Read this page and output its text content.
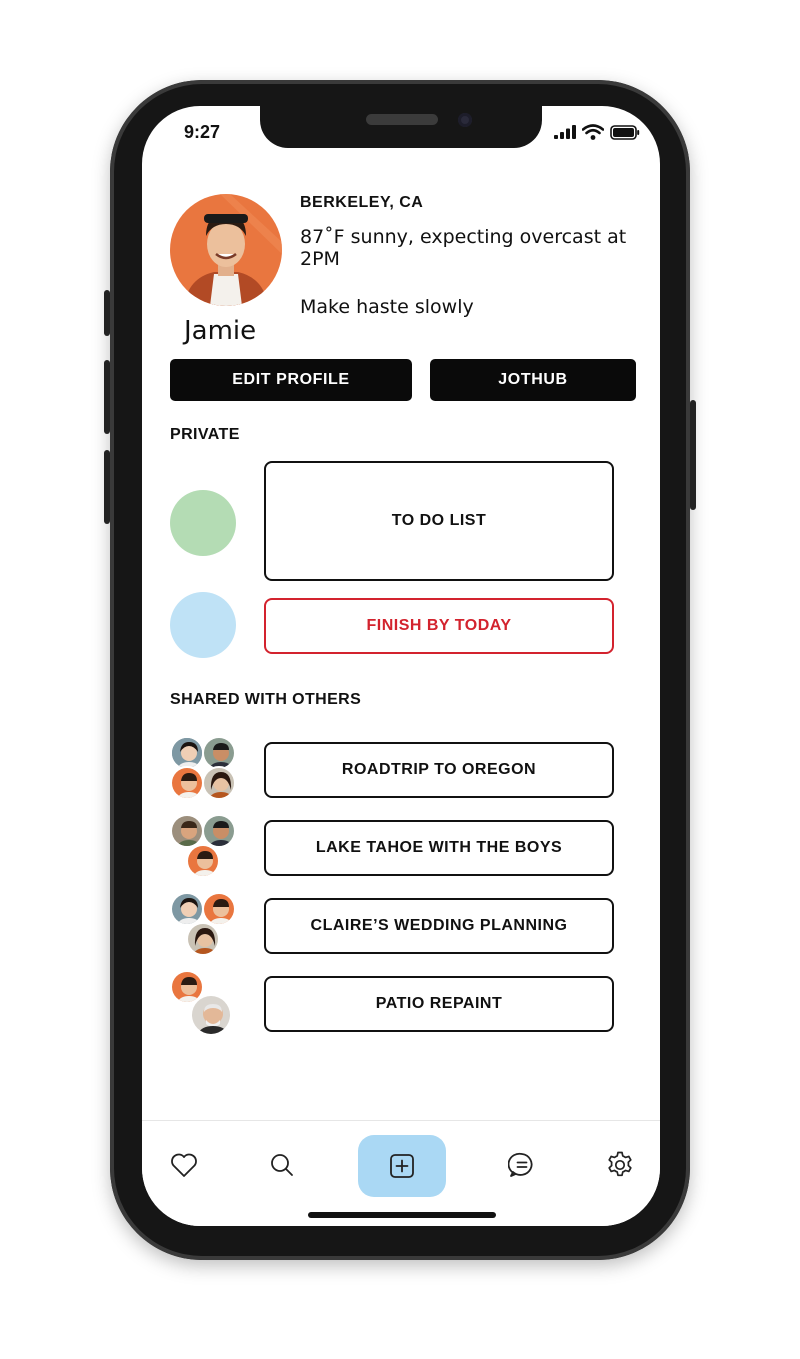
9:27
Jamie
BERKELEY, CA
87˚F sunny, expecting overcast at 2PM
Make haste slowly
EDIT PROFILE	JOTHUB
PRIVATE
TO DO LIST
FINISH BY TODAY
SHARED WITH OTHERS
ROADTRIP TO OREGON
LAKE TAHOE WITH THE BOYS
CLAIRE’S WEDDING PLANNING
PATIO REPAINT
